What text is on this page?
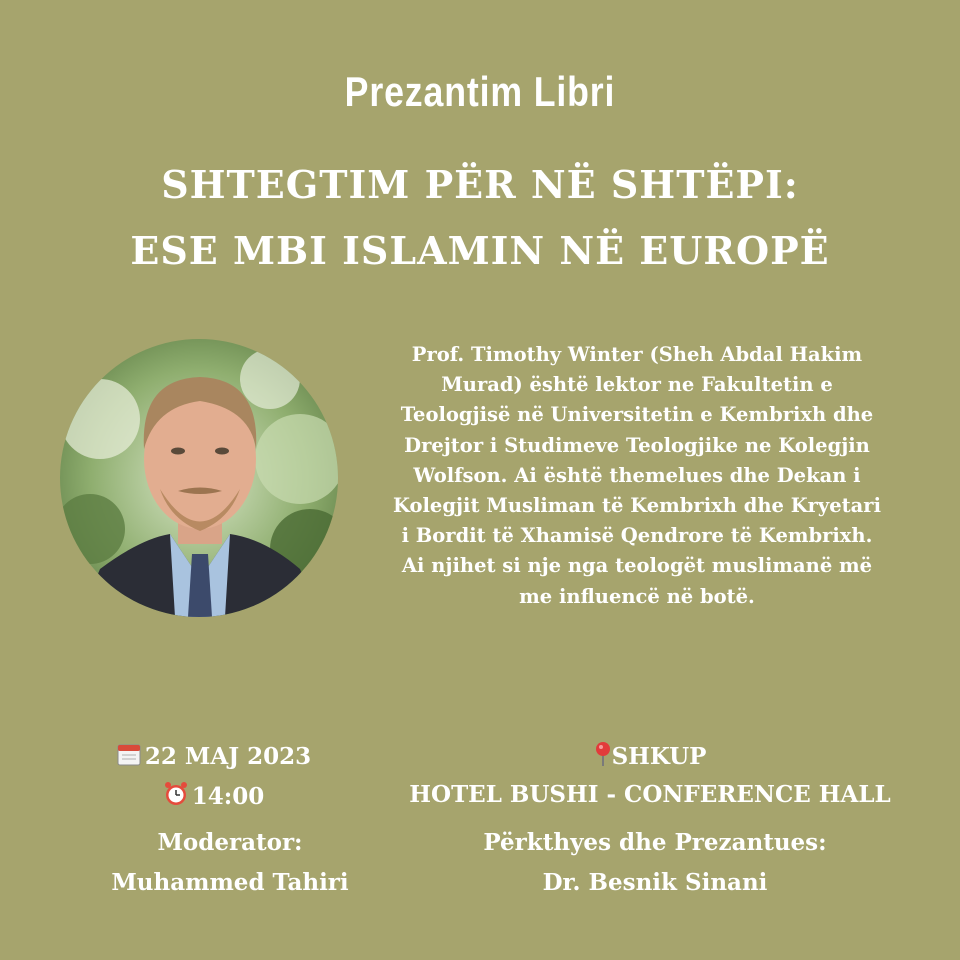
Prezantim Libri
SHTEGTIM PËR NË SHTËPI:
ESE MBI ISLAMIN NË EUROPË

Prof. Timothy Winter (Sheh Abdal Hakim

Murad) është lektor ne Fakultetin e

Teologjisë në Universitetin e Kembrixh dhe

Drejtor i Studimeve Teologjike ne Kolegjin

Wolfson. Ai është themelues dhe Dekan i

Kolegjit Musliman të Kembrixh dhe Kryetari

i Bordit të Xhamisë Qendrore të Kembrixh.

Ai njihet si nje nga teologët muslimanë më

me influencë në botë.

22 MAJ 2023
14:00
SHKUP
HOTEL BUSHI - CONFERENCE HALL
Moderator:
Muhammed Tahiri
Përkthyes dhe Prezantues:
Dr. Besnik Sinani
